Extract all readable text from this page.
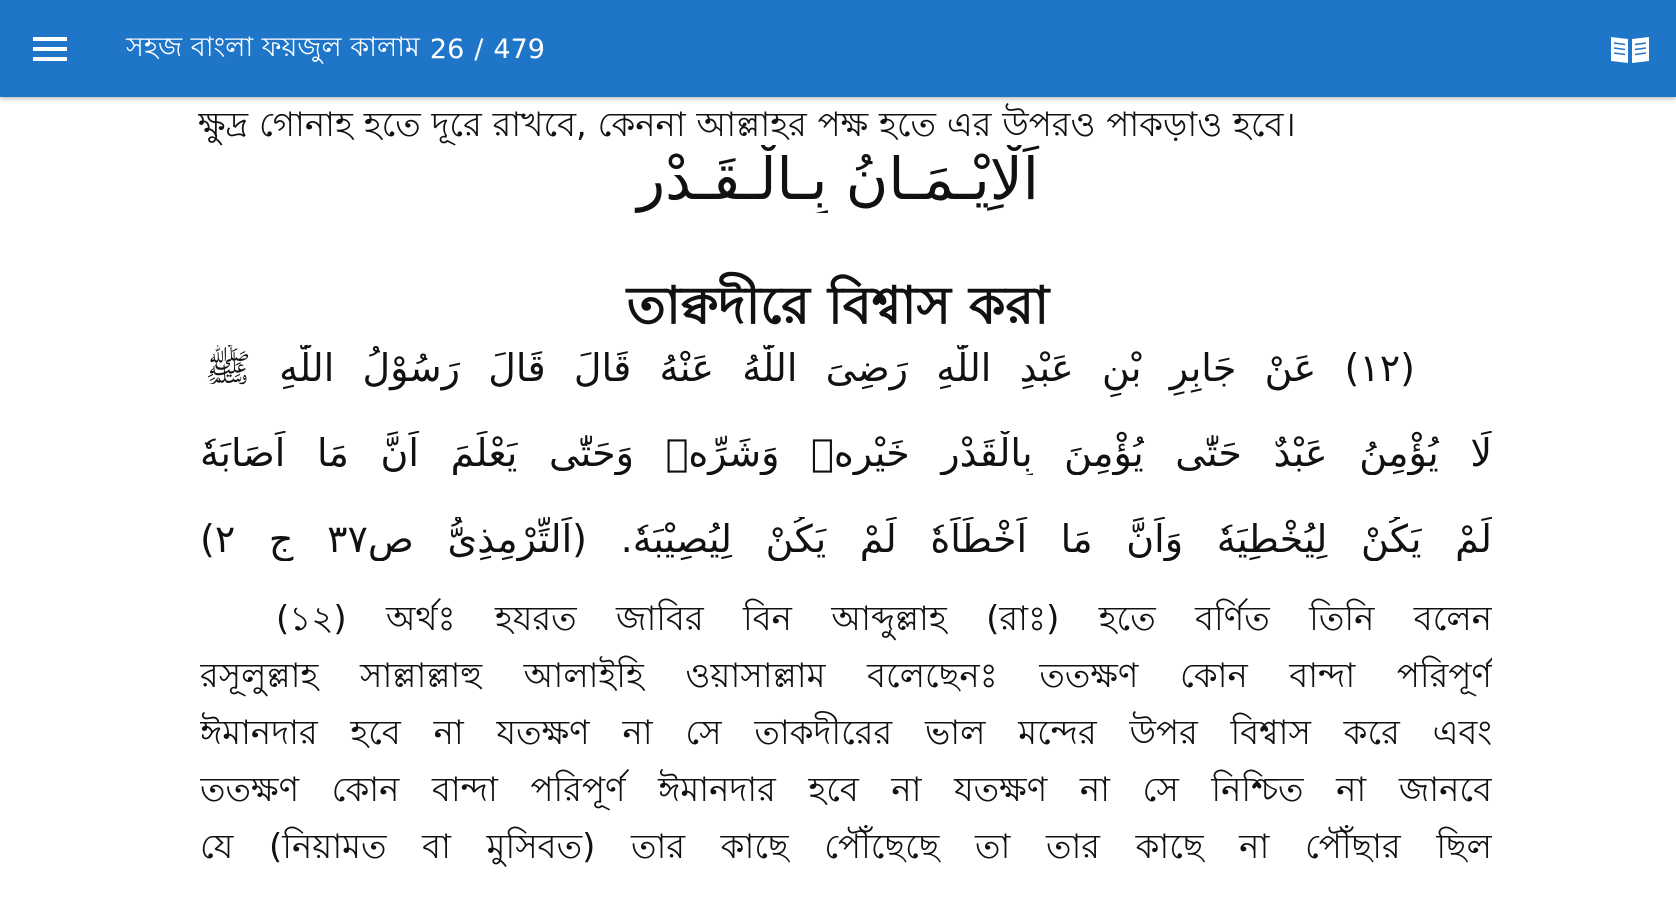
সহজ বাংলা ফয়জুল কালাম 26 / 479
ক্ষুদ্র গোনাহ হতে দূরে রাখবে, কেননা আল্লাহর পক্ষ হতে এর উপরও পাকড়াও হবে।
اَلْاِيْـمَـانُ بِـالْـقَـدْرِ
তাক্বদীরে বিশ্বাস করা
(١٢) عَنْ جَابِرِ بْنِ عَبْدِ اللّٰهِ رَضِىَ اللّٰهُ عَنْهُ قَالَ قَالَ رَسُوْلُ اللّٰهِ ﷺ
لَا يُؤْمِنُ عَبْدٌ حَتّٰى يُؤْمِنَ بِالْقَدْرِ خَيْرِهٖ وَشَرِّهٖ وَحَتّٰى يَعْلَمَ اَنَّ مَا اَصَابَهٗ
لَمْ يَكُنْ لِيُخْطِيَهٗ وَاَنَّ مَا اَخْطَاَهٗ لَمْ يَكُنْ لِيُصِيْبَهٗ. (اَلتِّرْمِذِىُّ ص٣٧ ج ٢)
(১২) অর্থঃ হযরত জাবির বিন আব্দুল্লাহ (রাঃ) হতে বর্ণিত তিনি বলেন
রসূলুল্লাহ সাল্লাল্লাহু আলাইহি ওয়াসাল্লাম বলেছেনঃ ততক্ষণ কোন বান্দা পরিপূর্ণ
ঈমানদার হবে না যতক্ষণ না সে তাকদীরের ভাল মন্দের উপর বিশ্বাস করে এবং
ততক্ষণ কোন বান্দা পরিপূর্ণ ঈমানদার হবে না যতক্ষণ না সে নিশ্চিত না জানবে
যে (নিয়ামত বা মুসিবত) তার কাছে পৌঁছেছে তা তার কাছে না পৌঁছার ছিল
